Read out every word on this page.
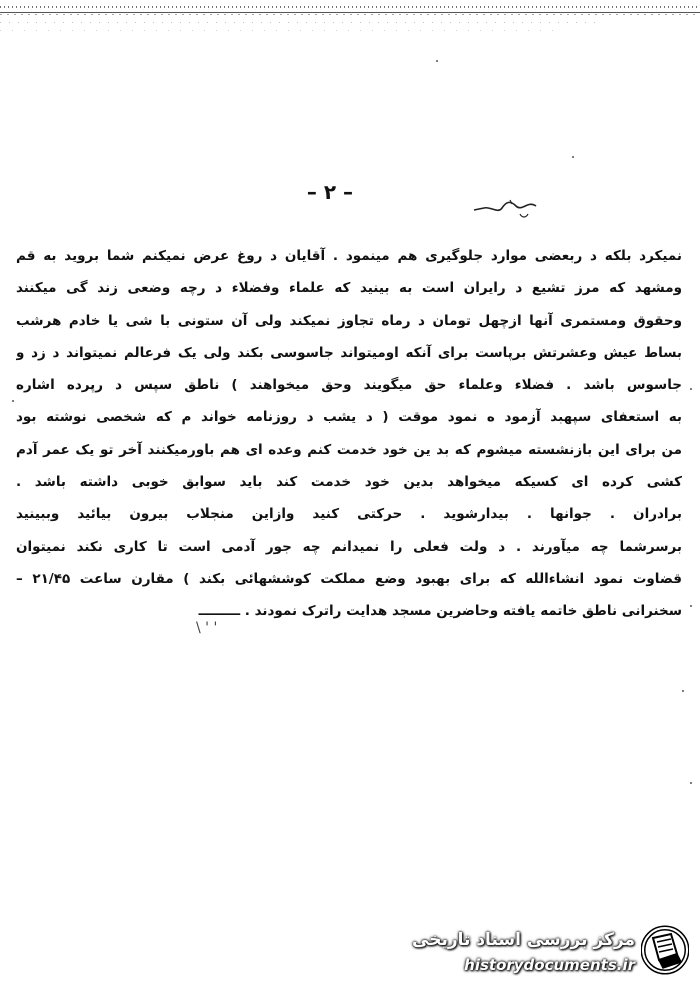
– ۲ –
نمیکرد بلکه د ربعضی موارد جلوگیری هم مینمود . آقایان د روغ عرض نمیکنم شما بروید به قم
ومشهد که مرز تشیع د رایران است به بینید که علماء وفضلاء د رچه وضعی زند گی میکنند
وحقوق ومستمری آنها ازچهل تومان د رماه تجاوز نمیکند ولی آن ستونی با شی یا خادم هرشب
بساط عیش وعشرتش برپاست برای آنکه اومیتواند جاسوسی بکند ولی یک فرعالم نمیتواند د زد و
جاسوس باشد . فضلاء وعلماء حق میگویند وحق میخواهند ) ناطق سپس د رپرده اشاره
به استعفای سپهبد آزمود ه نمود موقت ( د یشب د روزنامه خواند م که شخصی نوشته بود
من برای این بازنشسته میشوم که بد ین خود خدمت کنم وعده ای هم باورمیکنند آخر تو یک عمر آدم
کشی کرده ای کسیکه میخواهد بدین خود خدمت کند باید سوابق خوبی داشته باشد .
برادران . جوانها . بیدارشوید . حرکتی کنید وازاین منجلاب بیرون بیائید وببینید
برسرشما چه میآورند . د ولت فعلی را نمیدانم چه جور آدمی است تا کاری نکند نمیتوان
قضاوت نمود انشاءالله که برای بهبود وضع مملکت کوششهائی بکند ) مقارن ساعت ۲۱/۴۵ –
سخنرانی ناطق خاتمه یافته وحاضرین مسجد هدایت راترک نمودند . ـــــــــ
\ ' '
مرکز بررسی اسناد تاریخی
historydocuments.ir
